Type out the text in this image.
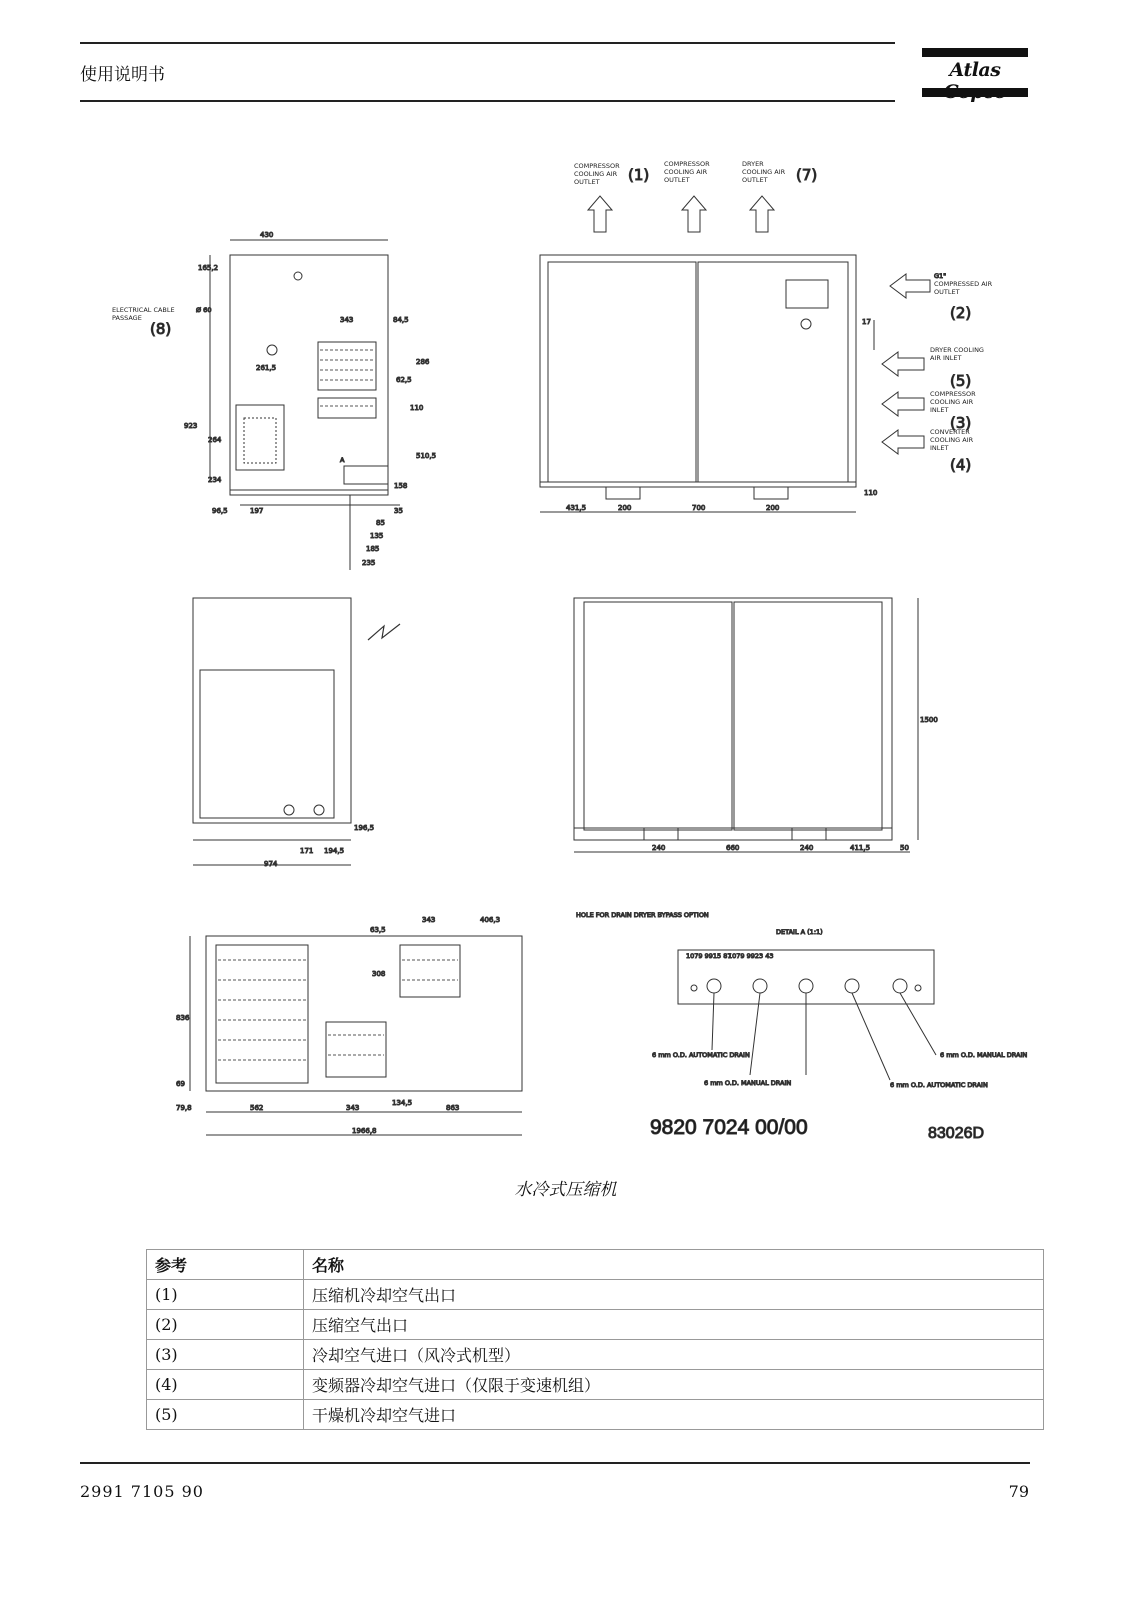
使用说明书	Atlas
430
165,2
343	84,5
261,5
286
62,5
110
923
264
510,5
234
158
96,5	197	35
85
135
185
235
A
Ø 60
ELECTRICAL CABLE PASSAGE
(8)
COMPRESSOR COOLING AIR OUTLET	(1)
COMPRESSOR COOLING AIR OUTLET
DRYER COOLING AIR OUTLET	(7)
G1"
COMPRESSED AIR OUTLET
(2)
DRYER COOLING AIR INLET
(5)
COMPRESSOR COOLING AIR INLET
(3)
CONVERTER COOLING AIR INLET
(4)
431,5	200	700	200
17
110
196,5
171 194,5
974
1500
240	660	240	411,5	50
63,5
343	406,3
308
836
69
79,8	562	343
134,5
863
1966,8
HOLE FOR DRAIN DRYER BYPASS OPTION
DETAIL A (1:1)
1079 9915 87
1079 9923 43
6 mm O.D. AUTOMATIC DRAIN
6 mm O.D. MANUAL DRAIN	6 mm O.D. AUTOMATIC DRAIN
6 mm O.D. MANUAL DRAIN
9820 7024 00/00	83026D
水冷式压缩机
参考	名称
(1)	压缩机冷却空气出口
(2)	压缩空气出口
(3)	冷却空气进口（风冷式机型）
(4)	变频器冷却空气进口（仅限于变速机组）
(5)	干燥机冷却空气进口
2991 7105 90	79
